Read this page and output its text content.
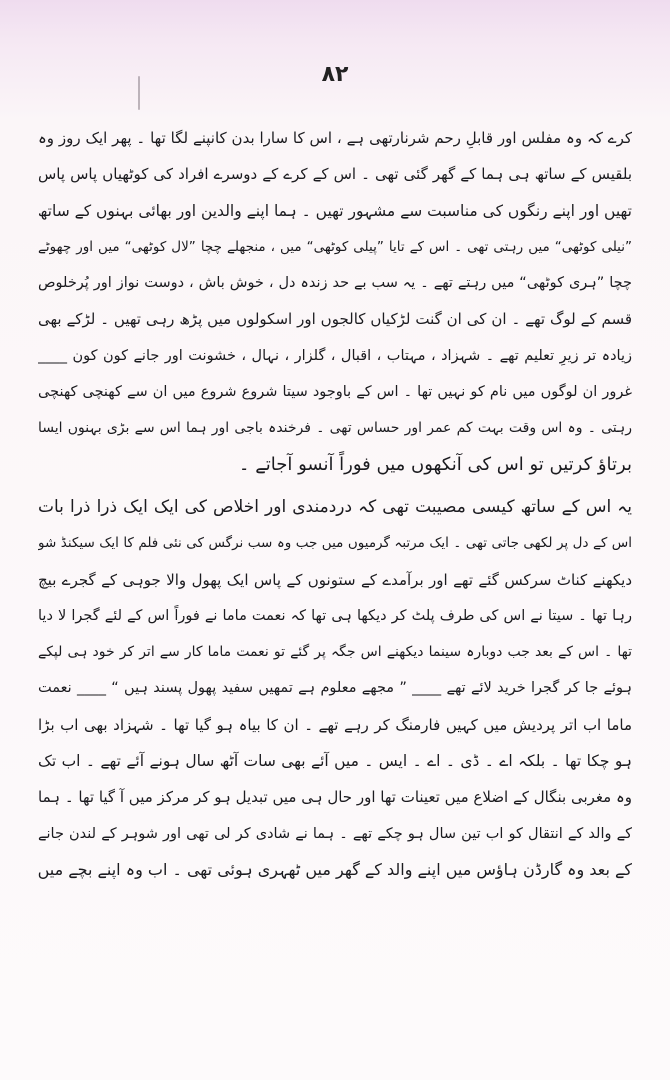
۸۲
کرے کہ وہ مفلس اور قابلِ رحم شرنارتھی ہے ، اس کا سارا بدن کانپنے لگا تھا ۔ پھر ایک روز وہ
بلقیس کے ساتھ ہی ہما کے گھر گئی تھی ۔ اس کے کرے کے دوسرے افراد کی کوٹھیاں پاس پاس
تھیں اور اپنے رنگوں کی مناسبت سے مشہور تھیں ۔ ہما اپنے والدین اور بھائی بہنوں کے ساتھ
”نیلی کوٹھی“ میں رہتی تھی ۔ اس کے تایا ”پیلی کوٹھی“ میں ، منجھلے چچا ”لال کوٹھی“ میں اور چھوٹے
چچا ”ہری کوٹھی“ میں رہتے تھے ۔ یہ سب بے حد زندہ دل ، خوش باش ، دوست نواز اور پُرخلوص
قسم کے لوگ تھے ۔ ان کی ان گنت لڑکیاں کالجوں اور اسکولوں میں پڑھ رہی تھیں ۔ لڑکے بھی
زیادہ تر زیرِ تعلیم تھے ۔ شہزاد ، مہتاب ، اقبال ، گلزار ، نہال ، خشونت اور جانے کون کون ____
غرور ان لوگوں میں نام کو نہیں تھا ۔ اس کے باوجود سیتا شروع شروع میں ان سے کھنچی کھنچی
رہتی ۔ وہ اس وقت بہت کم عمر اور حساس تھی ۔ فرخندہ باجی اور ہما اس سے بڑی بہنوں ایسا
برتاؤ کرتیں تو اس کی آنکھوں میں فوراً آنسو آجاتے ۔
یہ اس کے ساتھ کیسی مصیبت تھی کہ دردمندی اور اخلاص کی ایک ایک ذرا ذرا بات
اس کے دل پر لکھی جاتی تھی ۔ ایک مرتبہ گرمیوں میں جب وہ سب نرگس کی نئی فلم کا ایک سیکنڈ شو
دیکھنے کناٹ سرکس گئے تھے اور برآمدے کے ستونوں کے پاس ایک پھول والا جوہی کے گجرے بیچ
رہا تھا ۔ سیتا نے اس کی طرف پلٹ کر دیکھا ہی تھا کہ نعمت ماما نے فوراً اس کے لئے گجرا لا دیا
تھا ۔ اس کے بعد جب دوبارہ سینما دیکھنے اس جگہ پر گئے تو نعمت ماما کار سے اتر کر خود ہی لپکے
ہوئے جا کر گجرا خرید لائے تھے ____ ” مجھے معلوم ہے تمھیں سفید پھول پسند ہیں “ ____ نعمت
ماما اب اتر پردیش میں کہیں فارمنگ کر رہے تھے ۔ ان کا بیاہ ہو گیا تھا ۔ شہزاد بھی اب بڑا
ہو چکا تھا ۔ بلکہ اے ۔ ڈی ۔ اے ۔ ایس ۔ میں آئے بھی سات آٹھ سال ہونے آئے تھے ۔ اب تک
وہ مغربی بنگال کے اضلاع میں تعینات تھا اور حال ہی میں تبدیل ہو کر مرکز میں آ گیا تھا ۔ ہما
کے والد کے انتقال کو اب تین سال ہو چکے تھے ۔ ہما نے شادی کر لی تھی اور شوہر کے لندن جانے
کے بعد وہ گارڈن ہاؤس میں اپنے والد کے گھر میں ٹھہری ہوئی تھی ۔ اب وہ اپنے بچے میں
